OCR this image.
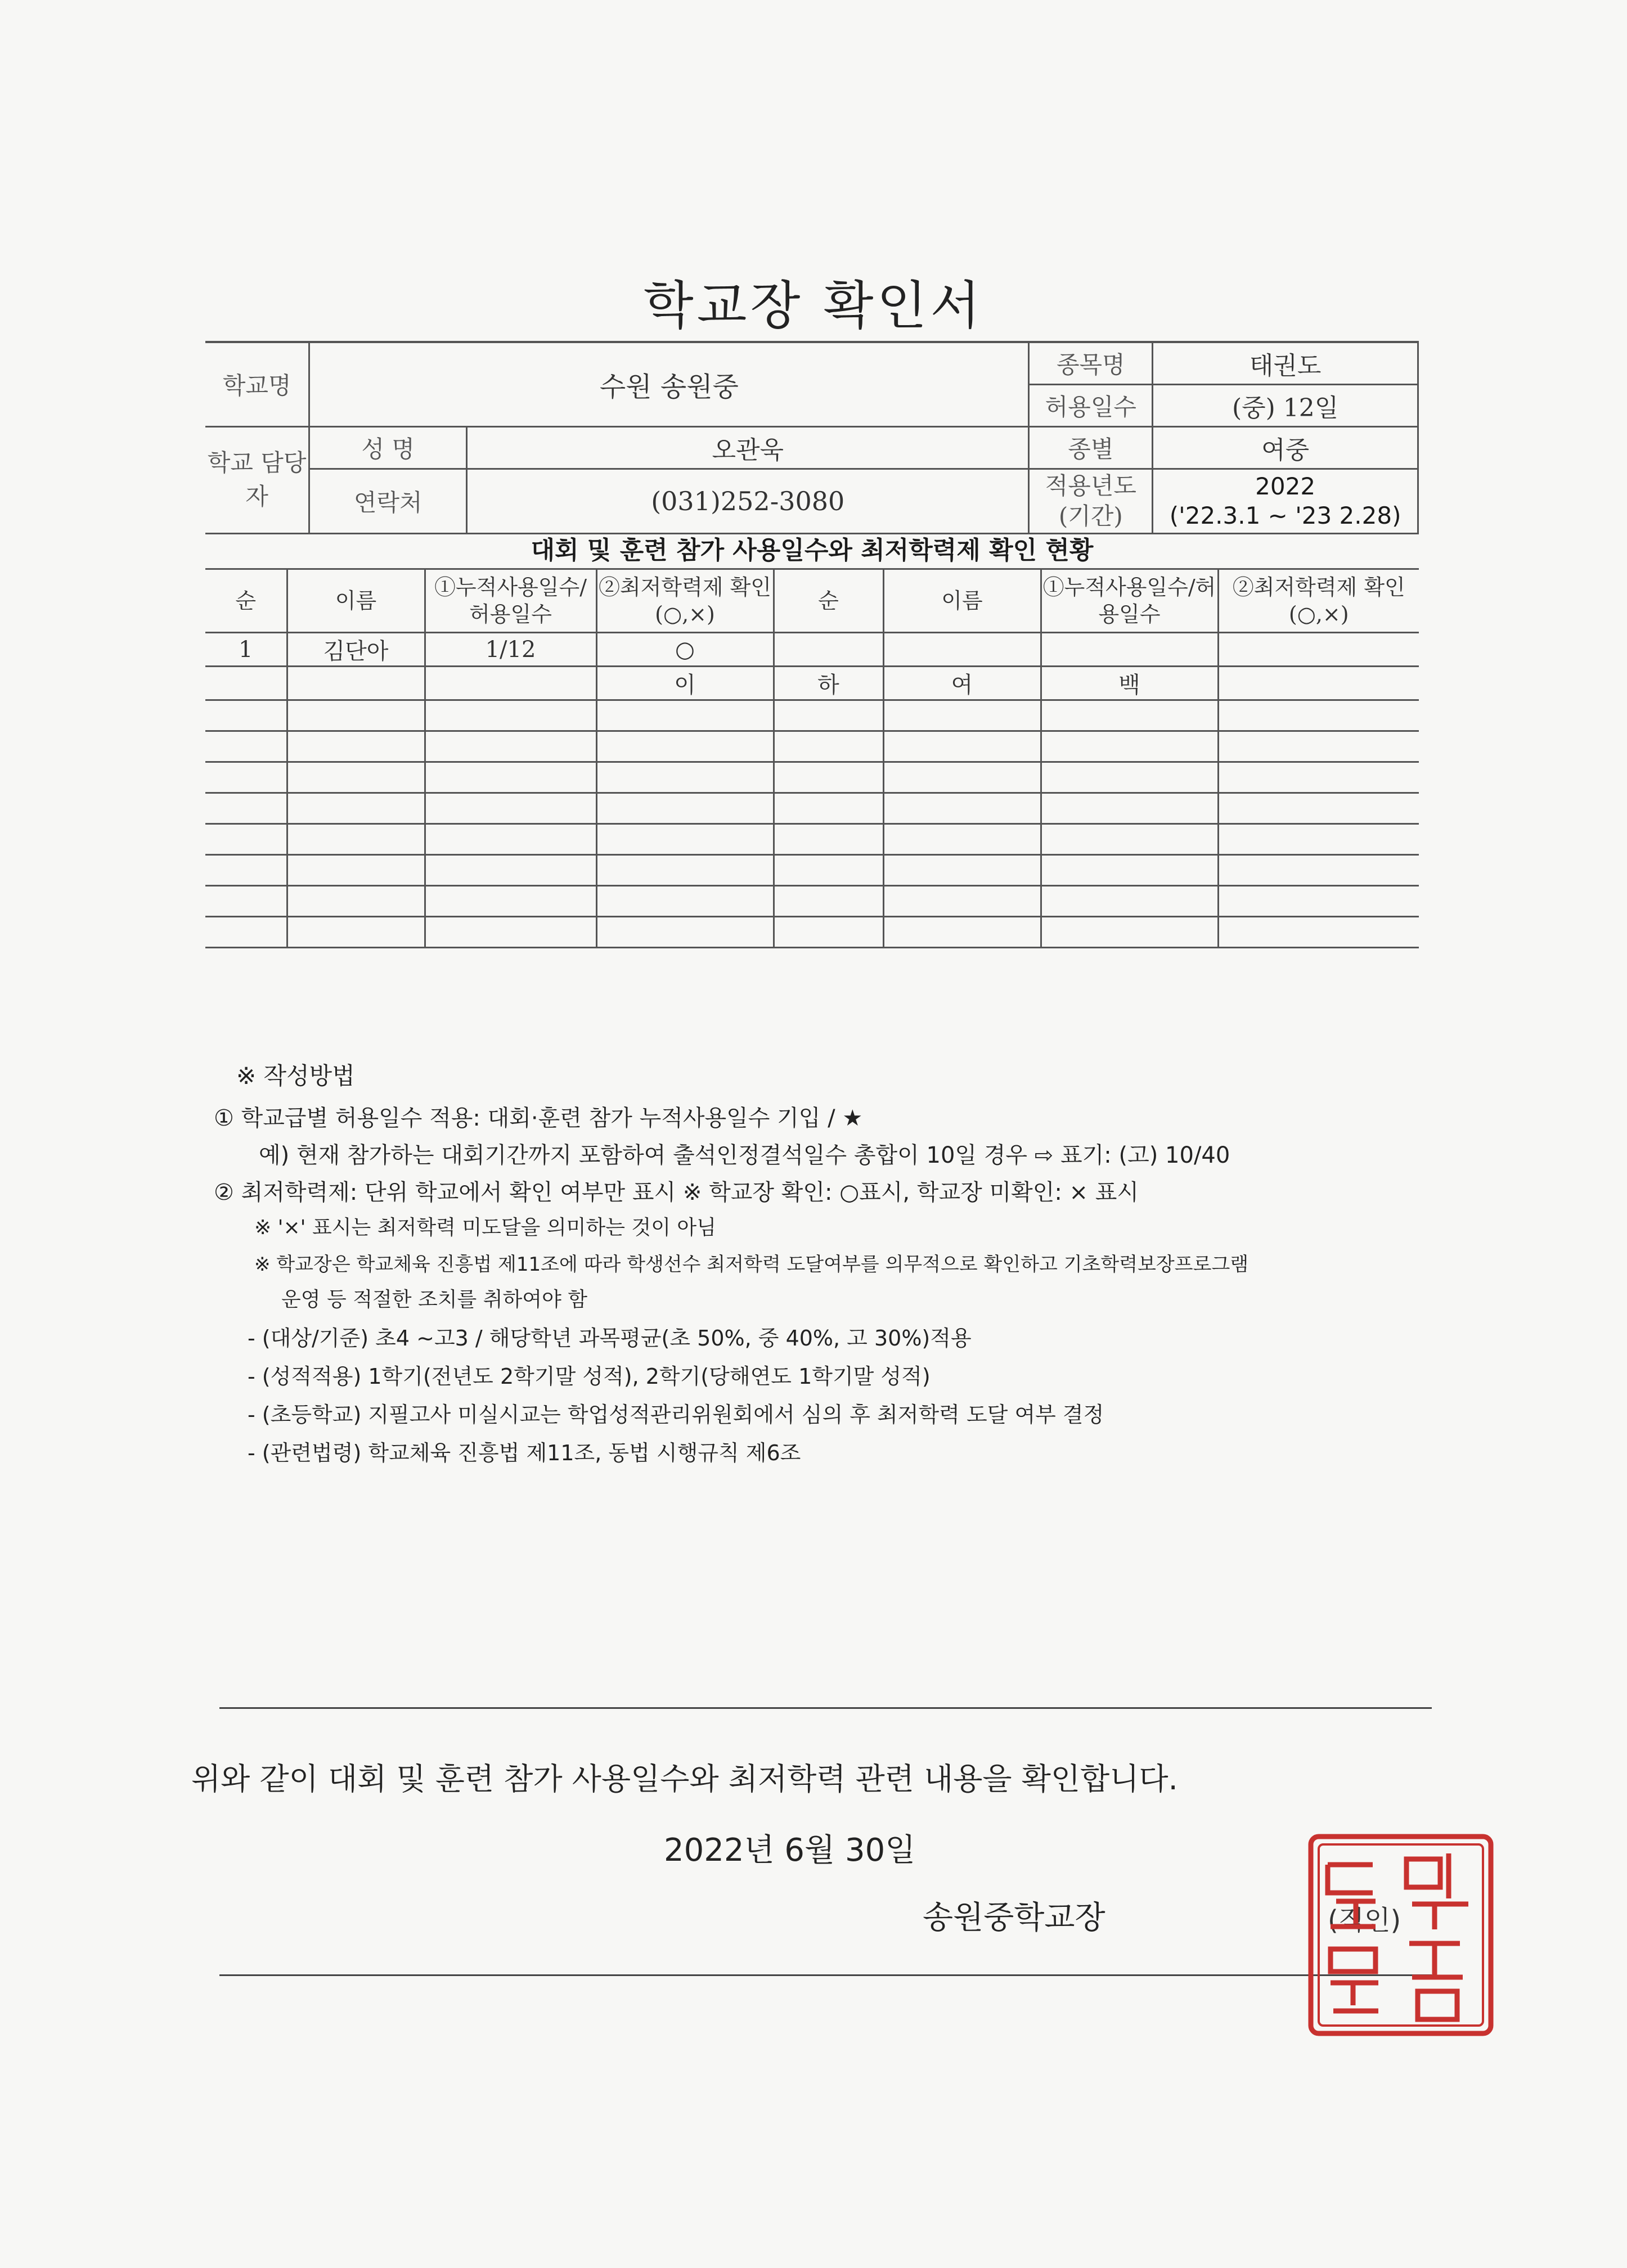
학교장 확인서
학교명	수원 송원중		종목명	태권도
			허용일수	(중) 12일
학교 담당자	성 명	오관욱	종별	여중
	연락처	(031)252-3080	적용년도 (기간)	2022
('22.3.1 ~ '23 2.28)
대회 및 훈련 참가 사용일수와 최저학력제 확인 현황
순	이름	①누적사용일수/허용일수	②최저학력제 확인(○,×)	순	이름	①누적사용일수/허용일수	②최저학력제 확인(○,×)
1	김단아	1/12	○				
			이	하	여	백	

※ 작성방법
① 학교급별 허용일수 적용: 대회·훈련 참가 누적사용일수 기입 / ★
예) 현재 참가하는 대회기간까지 포함하여 출석인정결석일수 총합이 10일 경우 ⇨ 표기: (고) 10/40
② 최저학력제: 단위 학교에서 확인 여부만 표시 ※ 학교장 확인: ○표시, 학교장 미확인: × 표시
※ '×' 표시는 최저학력 미도달을 의미하는 것이 아님
※ 학교장은 학교체육 진흥법 제11조에 따라 학생선수 최저학력 도달여부를 의무적으로 확인하고 기초학력보장프로그램
운영 등 적절한 조치를 취하여야 함
- (대상/기준) 초4 ~고3 / 해당학년 과목평균(초 50%, 중 40%, 고 30%)적용
- (성적적용) 1학기(전년도 2학기말 성적), 2학기(당해연도 1학기말 성적)
- (초등학교) 지필고사 미실시교는 학업성적관리위원회에서 심의 후 최저학력 도달 여부 결정
- (관련법령) 학교체육 진흥법 제11조, 동법 시행규칙 제6조
위와 같이 대회 및 훈련 참가 사용일수와 최저학력 관련 내용을 확인합니다.
2022년 6월 30일
송원중학교장	(직인)
